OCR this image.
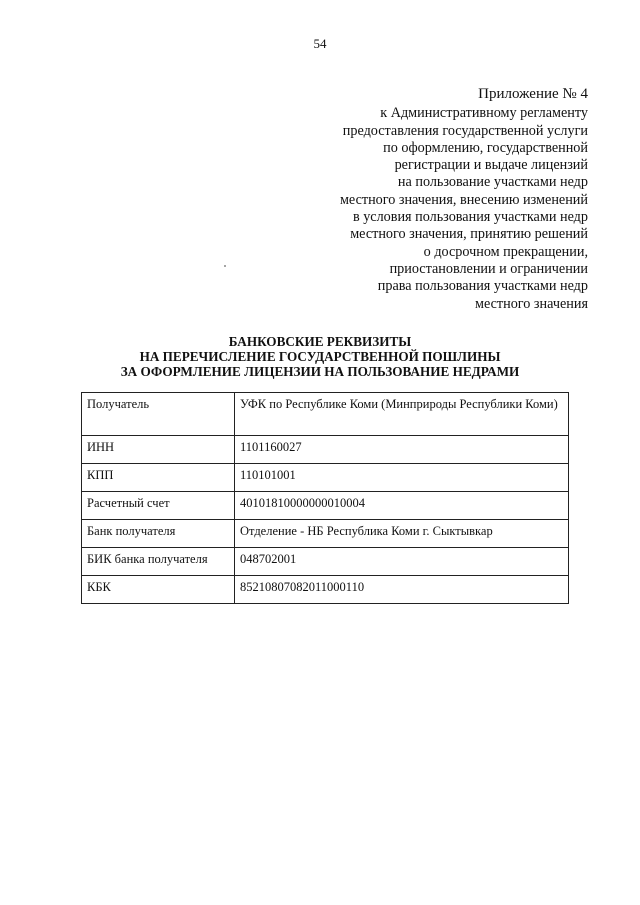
54
Приложение № 4
к Административному регламенту
предоставления государственной услуги
по оформлению, государственной
регистрации и выдаче лицензий
на пользование участками недр
местного значения, внесению изменений
в условия пользования участками недр
местного значения, принятию решений
о досрочном прекращении,
приостановлении и ограничении
права пользования участками недр
местного значения
БАНКОВСКИЕ РЕКВИЗИТЫ
НА ПЕРЕЧИСЛЕНИЕ ГОСУДАРСТВЕННОЙ ПОШЛИНЫ
ЗА ОФОРМЛЕНИЕ ЛИЦЕНЗИИ НА ПОЛЬЗОВАНИЕ НЕДРАМИ
Получатель	УФК по Республике Коми (Минприроды Республики Коми)
ИНН	1101160027
КПП	110101001
Расчетный счет	40101810000000010004
Банк получателя	Отделение - НБ Республика Коми г. Сыктывкар
БИК банка получателя	048702001
КБК	85210807082011000110
